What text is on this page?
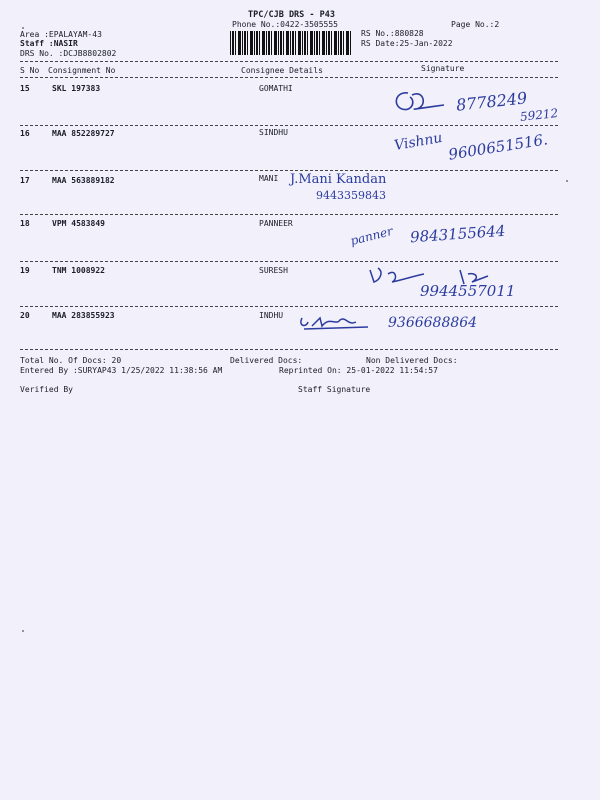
TPC/CJB DRS - P43
Phone No.:0422-3505555	Page No.:2
Area :EPALAYAM-43
Staff :NASIR
DRS No. :DCJB8802802
RS No.:880828
RS Date:25-Jan-2022
S No Consignment No	Consignee Details	Signature
15	SKL 197383	GOMATHI	8778249
59212
16	MAA 852289727	SINDHU	Vishnu 9600651516.
17	MAA 563889182	MANI J.Mani Kandan
9443359843
18	VPM 4583849	PANNEER
panner 9843155644
19	TNM 1008922	SURESH
9944557011
20	MAA 283855923	INDHU	9366688864
Total No. Of Docs: 20	Delivered Docs:	Non Delivered Docs:
Entered By :SURYAP43 1/25/2022 11:38:56 AM	Reprinted On: 25-01-2022 11:54:57
Verified By	Staff Signature
